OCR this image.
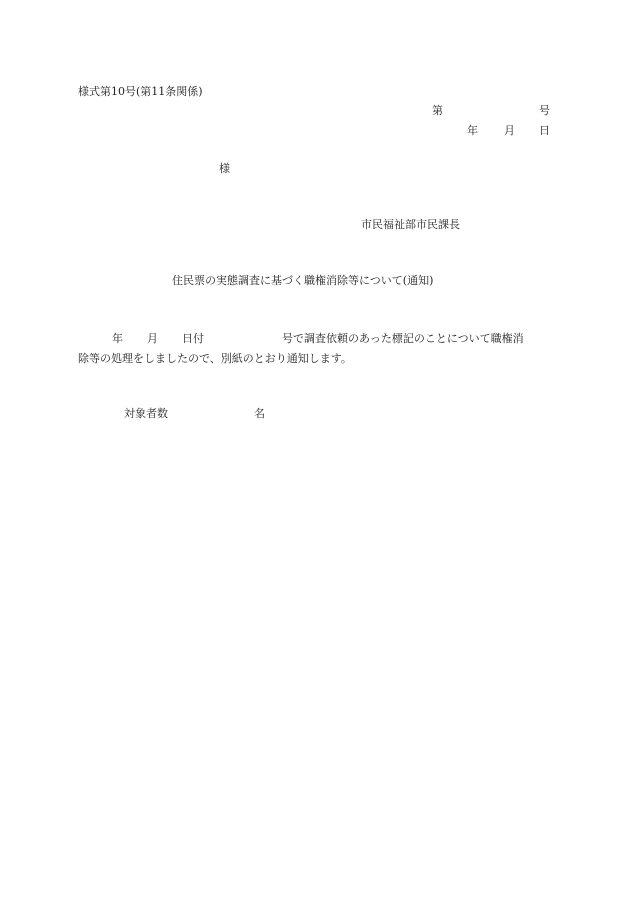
様式第10号(第11条関係)
第	号
年 月 日
様
市民福祉部市民課長
住民票の実態調査に基づく職権消除等について(通知)
年 月 日付	号で調査依頼のあった標記のことについて職権消
除等の処理をしましたので、別紙のとおり通知します。
対象者数	名
